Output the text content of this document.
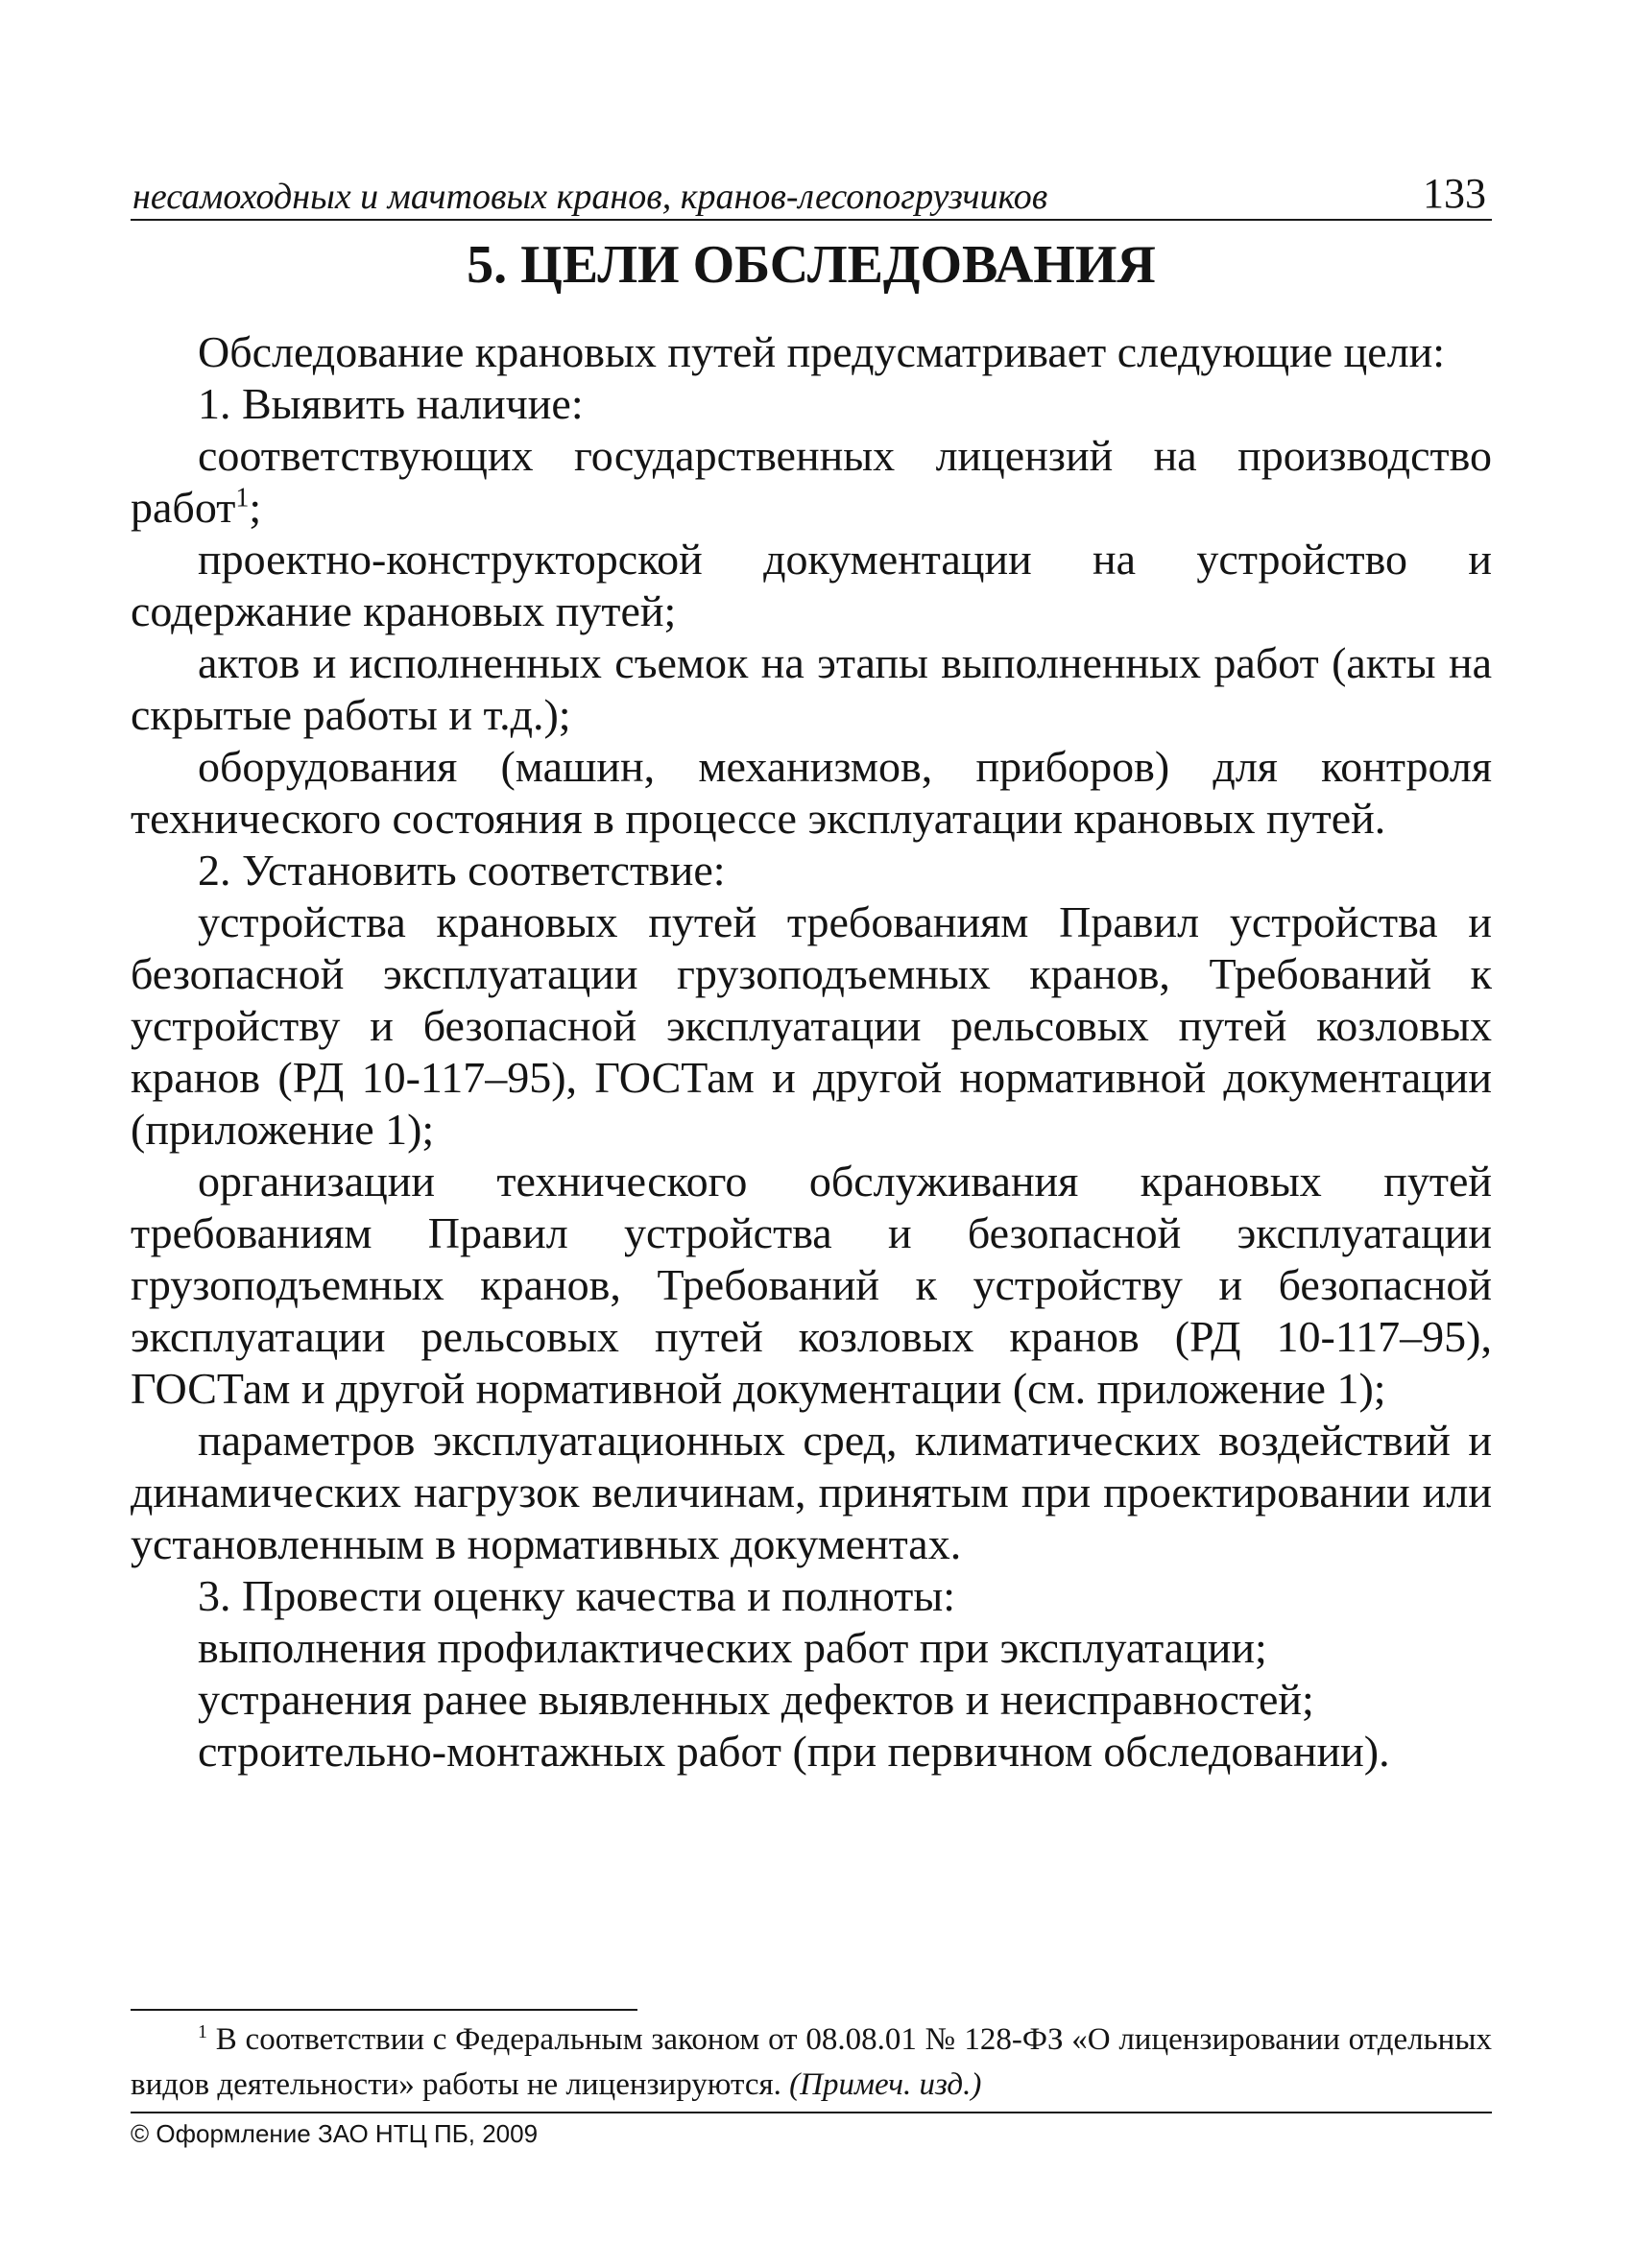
несамоходных и мачтовых кранов, кранов-лесопогрузчиков	133
5. ЦЕЛИ ОБСЛЕДОВАНИЯ

Обследование крановых путей предусматривает следующие цели:

1. Выявить наличие:

соответствующих государственных лицензий на производство работ$^1$;

проектно-конструкторской документации на устройство и содержание крановых путей;

актов и исполненных съемок на этапы выполненных работ (акты на скрытые работы и т.д.);

оборудования (машин, механизмов, приборов) для контроля технического состояния в процессе эксплуатации крановых путей.

2. Установить соответствие:

устройства крановых путей требованиям Правил устройства и безопасной эксплуатации грузоподъемных кранов, Требований к устройству и безопасной эксплуатации рельсовых путей козловых кранов (РД 10-117–95), ГОСТам и другой нормативной документации (приложение 1);

организации технического обслуживания крановых путей требованиям Правил устройства и безопасной эксплуатации грузоподъемных кранов, Требований к устройству и безопасной эксплуатации рельсовых путей козловых кранов (РД 10-117–95), ГОСТам и другой нормативной документации (см. приложение 1);

параметров эксплуатационных сред, климатических воздействий и динамических нагрузок величинам, принятым при проектировании или установленным в нормативных документах.

3. Провести оценку качества и полноты:

выполнения профилактических работ при эксплуатации;

устранения ранее выявленных дефектов и неисправностей;

строительно-монтажных работ (при первичном обследовании).

$^1$ В соответствии с Федеральным законом от 08.08.01 № 128-ФЗ «О лицензировании отдельных видов деятельности» работы не лицензируются. (Примеч. изд.)

© Оформление ЗАО НТЦ ПБ, 2009
